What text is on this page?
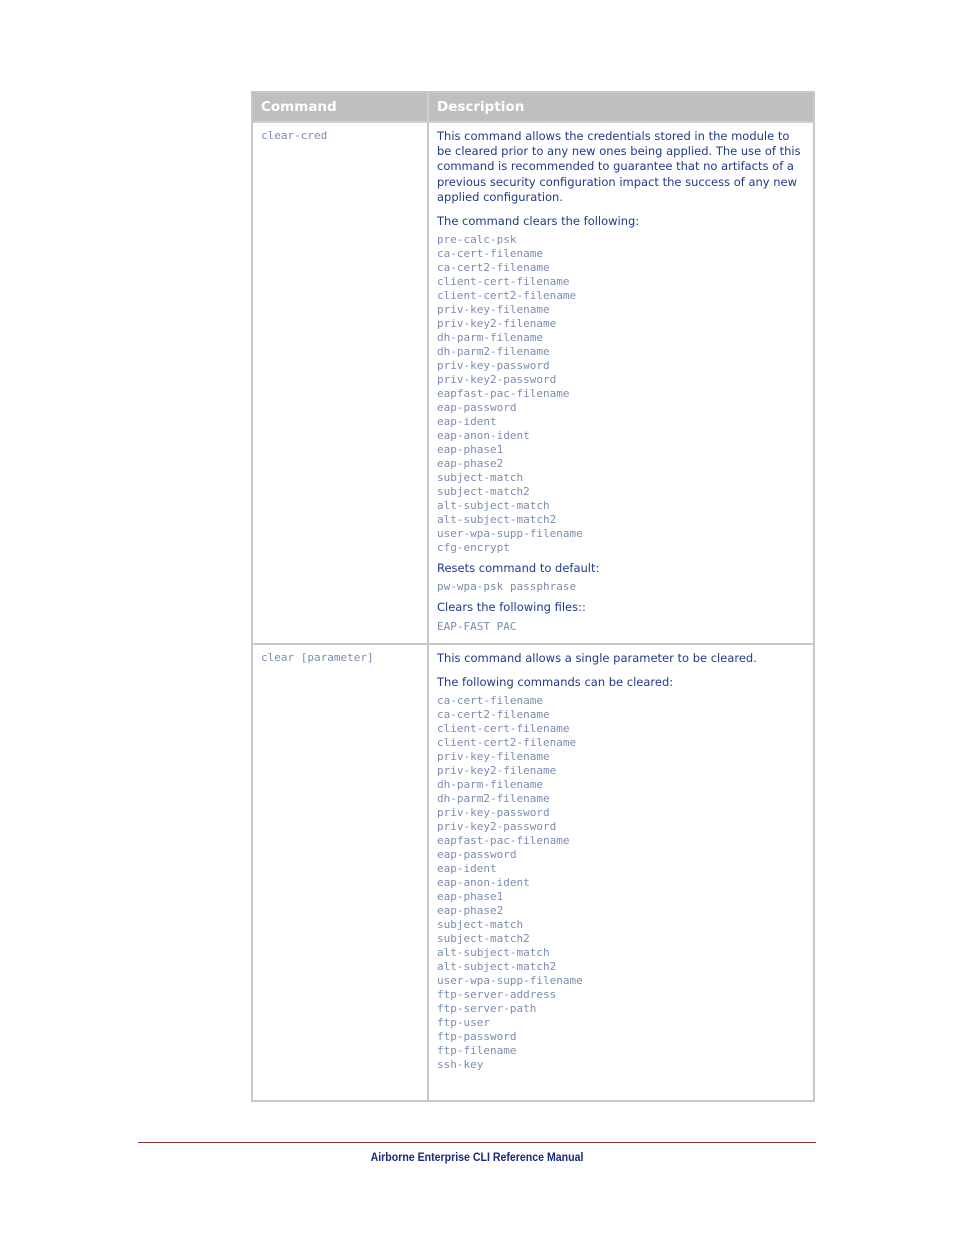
Command	Description
clear-cred	This command allows the credentials stored in the module to be cleared prior to any new ones being applied. The use of this command is recommended to guarantee that no artifacts of a previous security configuration impact the success of any new applied configuration.

The command clears the following:

pre-calc-psk
ca-cert-filename
ca-cert2-filename
client-cert-filename
client-cert2-filename
priv-key-filename
priv-key2-filename
dh-parm-filename
dh-parm2-filename
priv-key-password
priv-key2-password
eapfast-pac-filename
eap-password
eap-ident
eap-anon-ident
eap-phase1
eap-phase2
subject-match
subject-match2
alt-subject-match
alt-subject-match2
user-wpa-supp-filename
cfg-encrypt

Resets command to default:

pw-wpa-psk passphrase

Clears the following files::

EAP-FAST PAC
clear [parameter]	This command allows a single parameter to be cleared.

The following commands can be cleared:

ca-cert-filename
ca-cert2-filename
client-cert-filename
client-cert2-filename
priv-key-filename
priv-key2-filename
dh-parm-filename
dh-parm2-filename
priv-key-password
priv-key2-password
eapfast-pac-filename
eap-password
eap-ident
eap-anon-ident
eap-phase1
eap-phase2
subject-match
subject-match2
alt-subject-match
alt-subject-match2
user-wpa-supp-filename
ftp-server-address
ftp-server-path
ftp-user
ftp-password
ftp-filename
ssh-key
Airborne Enterprise CLI Reference Manual
